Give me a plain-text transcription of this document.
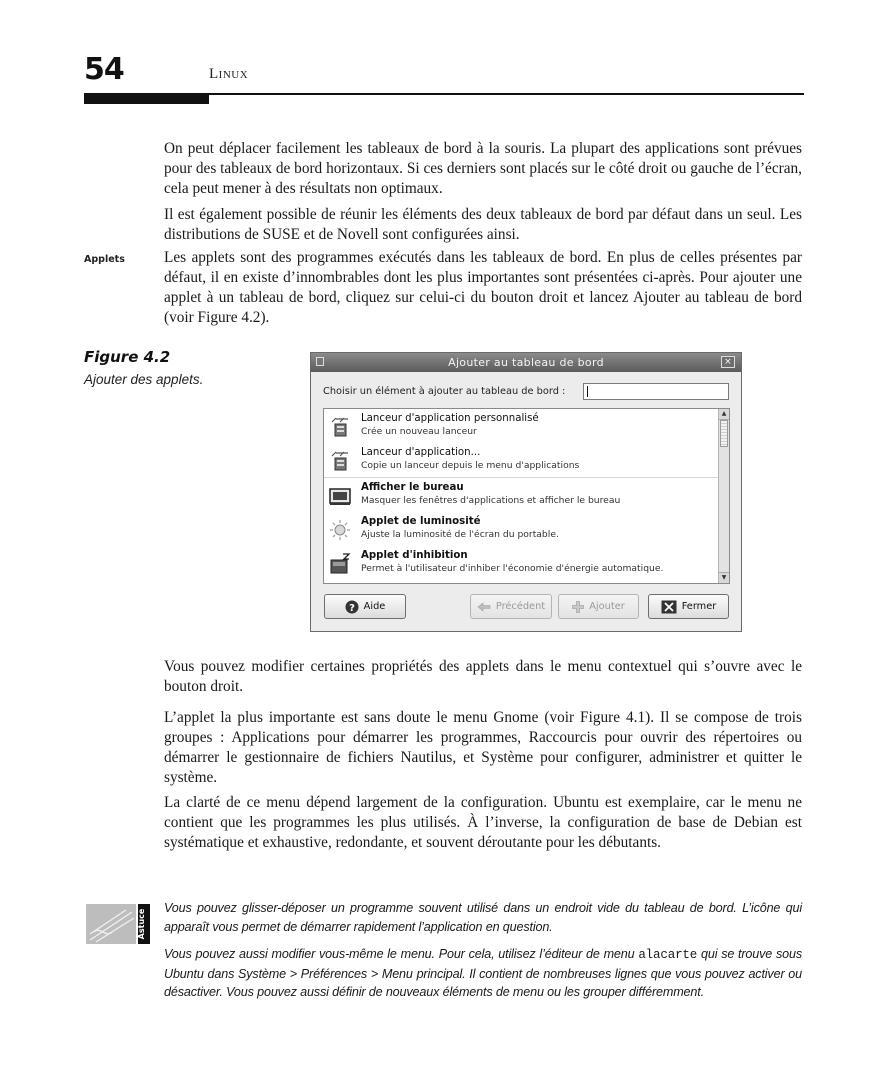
54	Linux
On peut déplacer facilement les tableaux de bord à la souris. La plupart des applications sont prévues pour des tableaux de bord horizontaux. Si ces derniers sont placés sur le côté droit ou gauche de l’écran, cela peut mener à des résultats non optimaux.
Il est également possible de réunir les éléments des deux tableaux de bord par défaut dans un seul. Les distributions de SUSE et de Novell sont configurées ainsi.
Applets	Les applets sont des programmes exécutés dans les tableaux de bord. En plus de celles présentes par défaut, il en existe d’innombrables dont les plus importantes sont présentées ci-après. Pour ajouter une applet à un tableau de bord, cliquez sur celui-ci du bouton droit et lancez Ajouter au tableau de bord (voir Figure 4.2).
Figure 4.2
Ajouter des applets.
Ajouter au tableau de bord	×
Choisir un élément à ajouter au tableau de bord :
Lanceur d'application personnalisé
Crée un nouveau lanceur
Lanceur d'application...
Copie un lanceur depuis le menu d'applications
Afficher le bureau
Masquer les fenêtres d'applications et afficher le bureau
Applet de luminosité
Ajuste la luminosité de l'écran du portable.
Applet d'inhibition
Permet à l'utilisateur d'inhiber l'économie d'énergie automatique.
▲
▼
? Aide	Précédent	Ajouter	Fermer
Vous pouvez modifier certaines propriétés des applets dans le menu contextuel qui s’ouvre avec le bouton droit.
L’applet la plus importante est sans doute le menu Gnome (voir Figure 4.1). Il se compose de trois groupes : Applications pour démarrer les programmes, Raccourcis pour ouvrir des répertoires ou démarrer le gestionnaire de fichiers Nautilus, et Système pour configurer, administrer et quitter le système.
La clarté de ce menu dépend largement de la configuration. Ubuntu est exemplaire, car le menu ne contient que les programmes les plus utilisés. À l’inverse, la configuration de base de Debian est systématique et exhaustive, redondante, et souvent déroutante pour les débutants.
Astuce
Vous pouvez glisser-déposer un programme souvent utilisé dans un endroit vide du tableau de bord. L’icône qui apparaît vous permet de démarrer rapidement l’application en question.
Vous pouvez aussi modifier vous-même le menu. Pour cela, utilisez l’éditeur de menu alacarte qui se trouve sous Ubuntu dans Système > Préférences > Menu principal. Il contient de nombreuses lignes que vous pouvez activer ou désactiver. Vous pouvez aussi définir de nouveaux éléments de menu ou les grouper différemment.
